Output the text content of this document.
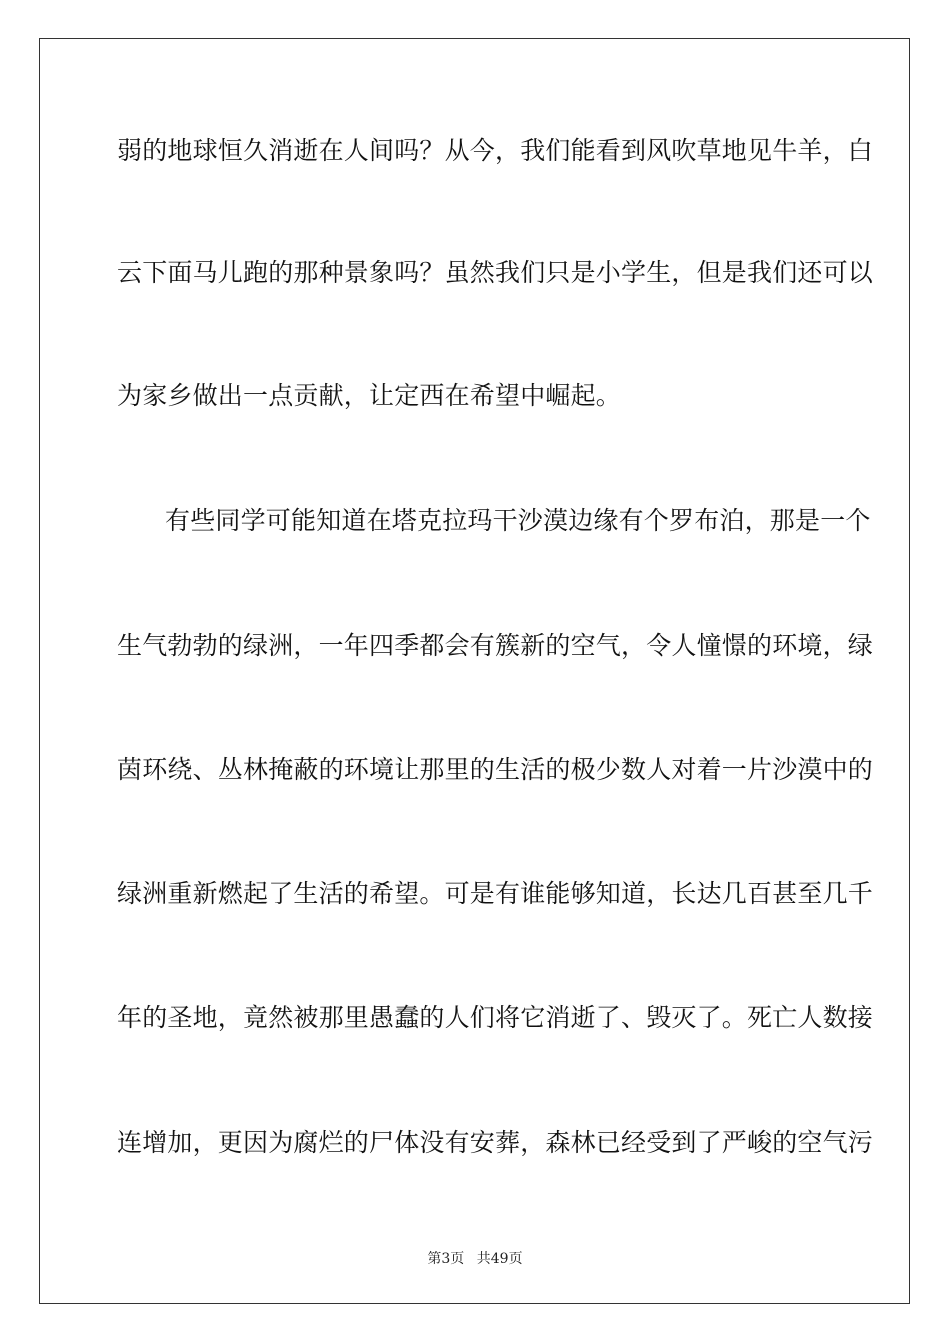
弱的地球恒久消逝在人间吗？从今，我们能看到风吹草地见牛羊，白
云下面马儿跑的那种景象吗？虽然我们只是小学生，但是我们还可以
为家乡做出一点贡献，让定西在希望中崛起。
有些同学可能知道在塔克拉玛干沙漠边缘有个罗布泊，那是一个
生气勃勃的绿洲，一年四季都会有簇新的空气，令人憧憬的环境，绿
茵环绕、丛林掩蔽的环境让那里的生活的极少数人对着一片沙漠中的
绿洲重新燃起了生活的希望。可是有谁能够知道，长达几百甚至几千
年的圣地，竟然被那里愚蠢的人们将它消逝了、毁灭了。死亡人数接
连增加，更因为腐烂的尸体没有安葬，森林已经受到了严峻的空气污
第3页 共49页
